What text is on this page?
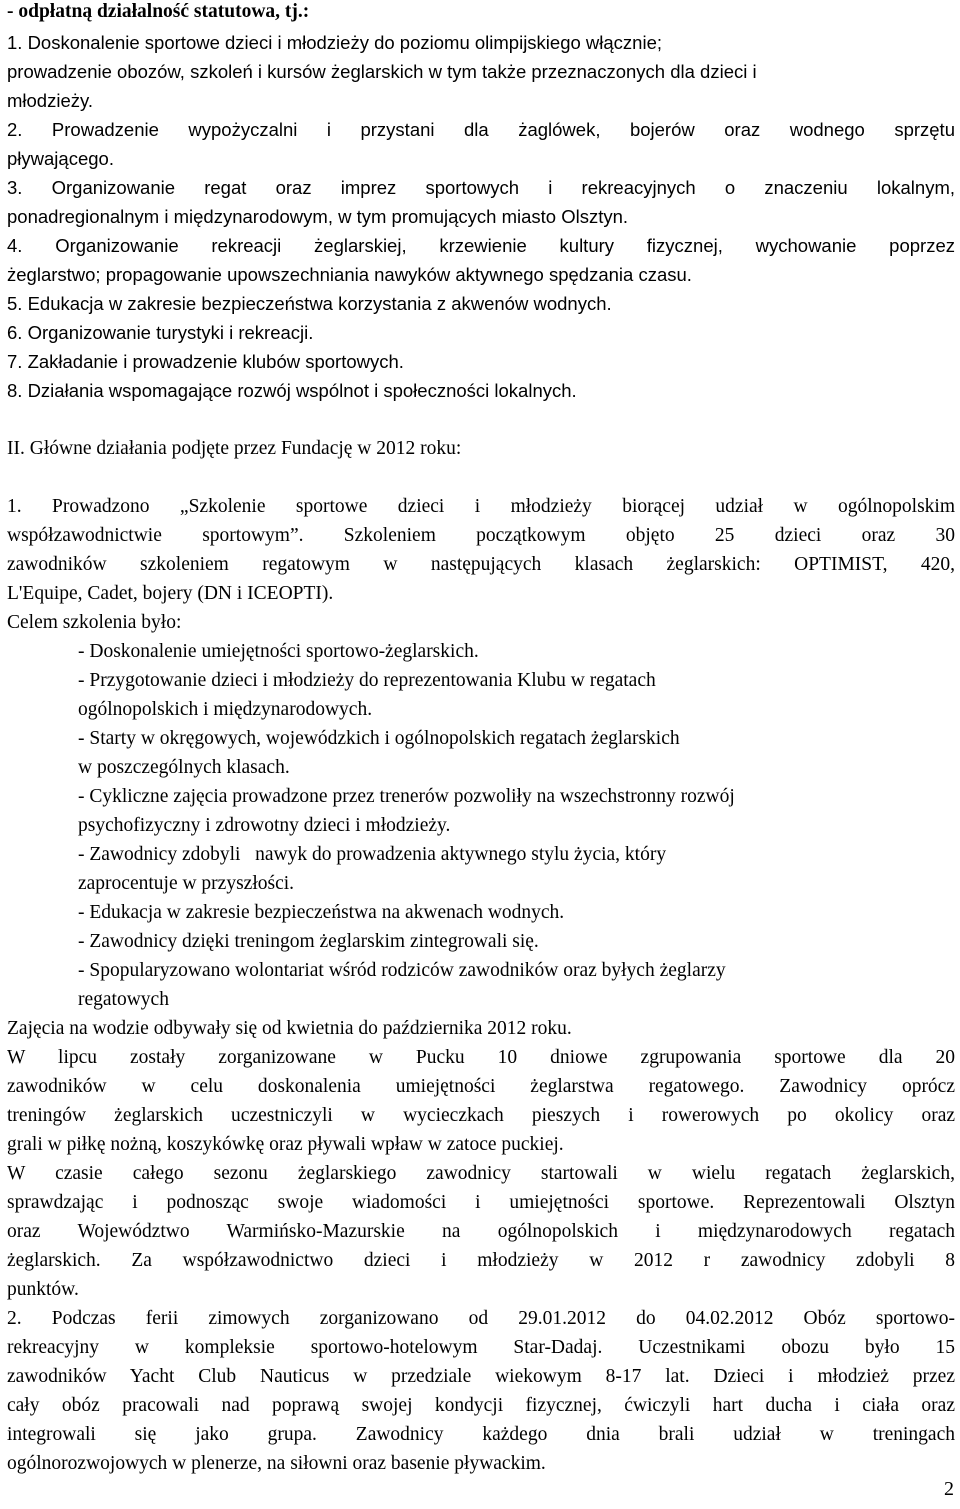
- odpłatną działalność statutowa, tj.:
1. Doskonalenie sportowe dzieci i młodzieży do poziomu olimpijskiego włącznie;
prowadzenie obozów, szkoleń i kursów żeglarskich w tym także przeznaczonych dla dzieci i
młodzieży.
2. Prowadzenie wypożyczalni i przystani dla żaglówek, bojerów oraz wodnego sprzętu
pływającego.
3. Organizowanie regat oraz imprez sportowych i rekreacyjnych o znaczeniu lokalnym,
ponadregionalnym i międzynarodowym, w tym promujących miasto Olsztyn.
4. Organizowanie rekreacji żeglarskiej, krzewienie kultury fizycznej, wychowanie poprzez
żeglarstwo; propagowanie upowszechniania nawyków aktywnego spędzania czasu.
5. Edukacja w zakresie bezpieczeństwa korzystania z akwenów wodnych.
6. Organizowanie turystyki i rekreacji.
7. Zakładanie i prowadzenie klubów sportowych.
8. Działania wspomagające rozwój wspólnot i społeczności lokalnych.
II. Główne działania podjęte przez Fundację w 2012 roku:
1. Prowadzono „Szkolenie sportowe dzieci i młodzieży biorącej udział w ogólnopolskim
współzawodnictwie sportowym”. Szkoleniem początkowym objęto 25 dzieci oraz 30
zawodników szkoleniem regatowym w następujących klasach żeglarskich: OPTIMIST, 420,
L'Equipe, Cadet, bojery (DN i ICEOPTI).
Celem szkolenia było:
- Doskonalenie umiejętności sportowo-żeglarskich.
- Przygotowanie dzieci i młodzieży do reprezentowania Klubu w regatach
ogólnopolskich i międzynarodowych.
- Starty w okręgowych, wojewódzkich i ogólnopolskich regatach żeglarskich
w poszczególnych klasach.
- Cykliczne zajęcia prowadzone przez trenerów pozwoliły na wszechstronny rozwój
psychofizyczny i zdrowotny dzieci i młodzieży.
- Zawodnicy zdobyli   nawyk do prowadzenia aktywnego stylu życia, który
zaprocentuje w przyszłości.
- Edukacja w zakresie bezpieczeństwa na akwenach wodnych.
- Zawodnicy dzięki treningom żeglarskim zintegrowali się.
- Spopularyzowano wolontariat wśród rodziców zawodników oraz byłych żeglarzy
regatowych
Zajęcia na wodzie odbywały się od kwietnia do października 2012 roku.
W lipcu zostały zorganizowane w Pucku 10 dniowe zgrupowania sportowe dla 20
zawodników w celu doskonalenia umiejętności żeglarstwa regatowego. Zawodnicy oprócz
treningów żeglarskich uczestniczyli w wycieczkach pieszych i rowerowych po okolicy oraz
grali w piłkę nożną, koszykówkę oraz pływali wpław w zatoce puckiej.
W czasie całego sezonu żeglarskiego zawodnicy startowali w wielu regatach żeglarskich,
sprawdzając i podnosząc swoje wiadomości i umiejętności sportowe. Reprezentowali Olsztyn
oraz Województwo Warmińsko-Mazurskie na ogólnopolskich i międzynarodowych regatach
żeglarskich. Za współzawodnictwo dzieci i młodzieży w 2012 r zawodnicy zdobyli 8
punktów.
2. Podczas ferii zimowych zorganizowano od 29.01.2012 do 04.02.2012 Obóz sportowo-
rekreacyjny w kompleksie sportowo-hotelowym Star-Dadaj. Uczestnikami obozu było 15
zawodników Yacht Club Nauticus w przedziale wiekowym 8-17 lat. Dzieci i młodzież przez
cały obóz pracowali nad poprawą swojej kondycji fizycznej, ćwiczyli hart ducha i ciała oraz
integrowali się jako grupa. Zawodnicy każdego dnia brali udział w treningach
ogólnorozwojowych w plenerze, na siłowni oraz basenie pływackim.
2
